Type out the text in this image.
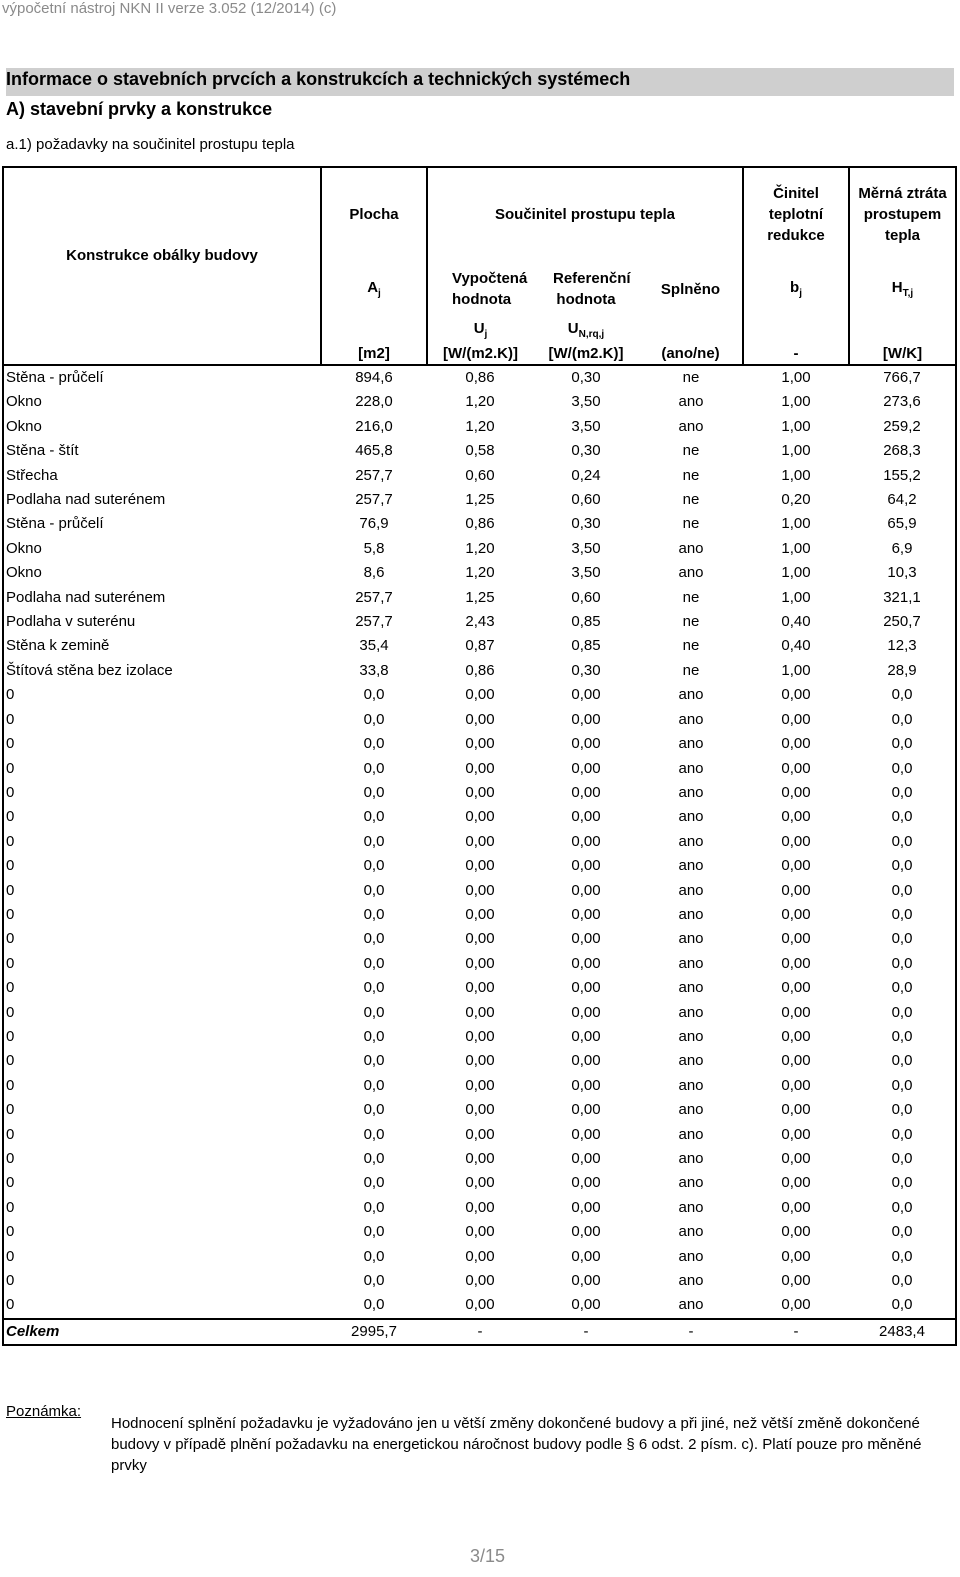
výpočetní nástroj NKN II verze 3.052 (12/2014) (c)
Informace o stavebních prvcích a konstrukcích a technických systémech
A) stavební prvky a konstrukce
a.1) požadavky na součinitel prostupu tepla
Konstrukce obálky budovy	Plocha	Součinitel prostupu tepla			Činitel teplotní redukce	Měrná ztráta prostupem tepla
	$A_j$	Vypočtená hodnota	Referenční hodnota	Splněno	$b_j$	$H_{T,j}$
		$U_j$	$U_{N,rq,j}$			
	[m2]	[W/(m2.K)]	[W/(m2.K)]	(ano/ne)	-	[W/K]
Stěna - průčelí	894,6	0,86	0,30	ne	1,00	766,7
Okno	228,0	1,20	3,50	ano	1,00	273,6
Okno	216,0	1,20	3,50	ano	1,00	259,2
Stěna - štít	465,8	0,58	0,30	ne	1,00	268,3
Střecha	257,7	0,60	0,24	ne	1,00	155,2
Podlaha nad suterénem	257,7	1,25	0,60	ne	0,20	64,2
Stěna - průčelí	76,9	0,86	0,30	ne	1,00	65,9
Okno	5,8	1,20	3,50	ano	1,00	6,9
Okno	8,6	1,20	3,50	ano	1,00	10,3
Podlaha nad suterénem	257,7	1,25	0,60	ne	1,00	321,1
Podlaha v suterénu	257,7	2,43	0,85	ne	0,40	250,7
Stěna k zemině	35,4	0,87	0,85	ne	0,40	12,3
Štítová stěna bez izolace	33,8	0,86	0,30	ne	1,00	28,9
0	0,0	0,00	0,00	ano	0,00	0,0
0	0,0	0,00	0,00	ano	0,00	0,0
0	0,0	0,00	0,00	ano	0,00	0,0
0	0,0	0,00	0,00	ano	0,00	0,0
0	0,0	0,00	0,00	ano	0,00	0,0
0	0,0	0,00	0,00	ano	0,00	0,0
0	0,0	0,00	0,00	ano	0,00	0,0
0	0,0	0,00	0,00	ano	0,00	0,0
0	0,0	0,00	0,00	ano	0,00	0,0
0	0,0	0,00	0,00	ano	0,00	0,0
0	0,0	0,00	0,00	ano	0,00	0,0
0	0,0	0,00	0,00	ano	0,00	0,0
0	0,0	0,00	0,00	ano	0,00	0,0
0	0,0	0,00	0,00	ano	0,00	0,0
0	0,0	0,00	0,00	ano	0,00	0,0
0	0,0	0,00	0,00	ano	0,00	0,0
0	0,0	0,00	0,00	ano	0,00	0,0
0	0,0	0,00	0,00	ano	0,00	0,0
0	0,0	0,00	0,00	ano	0,00	0,0
0	0,0	0,00	0,00	ano	0,00	0,0
0	0,0	0,00	0,00	ano	0,00	0,0
0	0,0	0,00	0,00	ano	0,00	0,0
0	0,0	0,00	0,00	ano	0,00	0,0
0	0,0	0,00	0,00	ano	0,00	0,0
0	0,0	0,00	0,00	ano	0,00	0,0
0	0,0	0,00	0,00	ano	0,00	0,0
Celkem	2995,7	-	-	-	-	2483,4
Poznámka:
Hodnocení splnění požadavku je vyžadováno jen u větší změny dokončené budovy a při jiné, než větší změně dokončené budovy v případě plnění požadavku na energetickou náročnost budovy podle § 6 odst. 2 písm. c). Platí pouze pro měněné prvky
3/15
